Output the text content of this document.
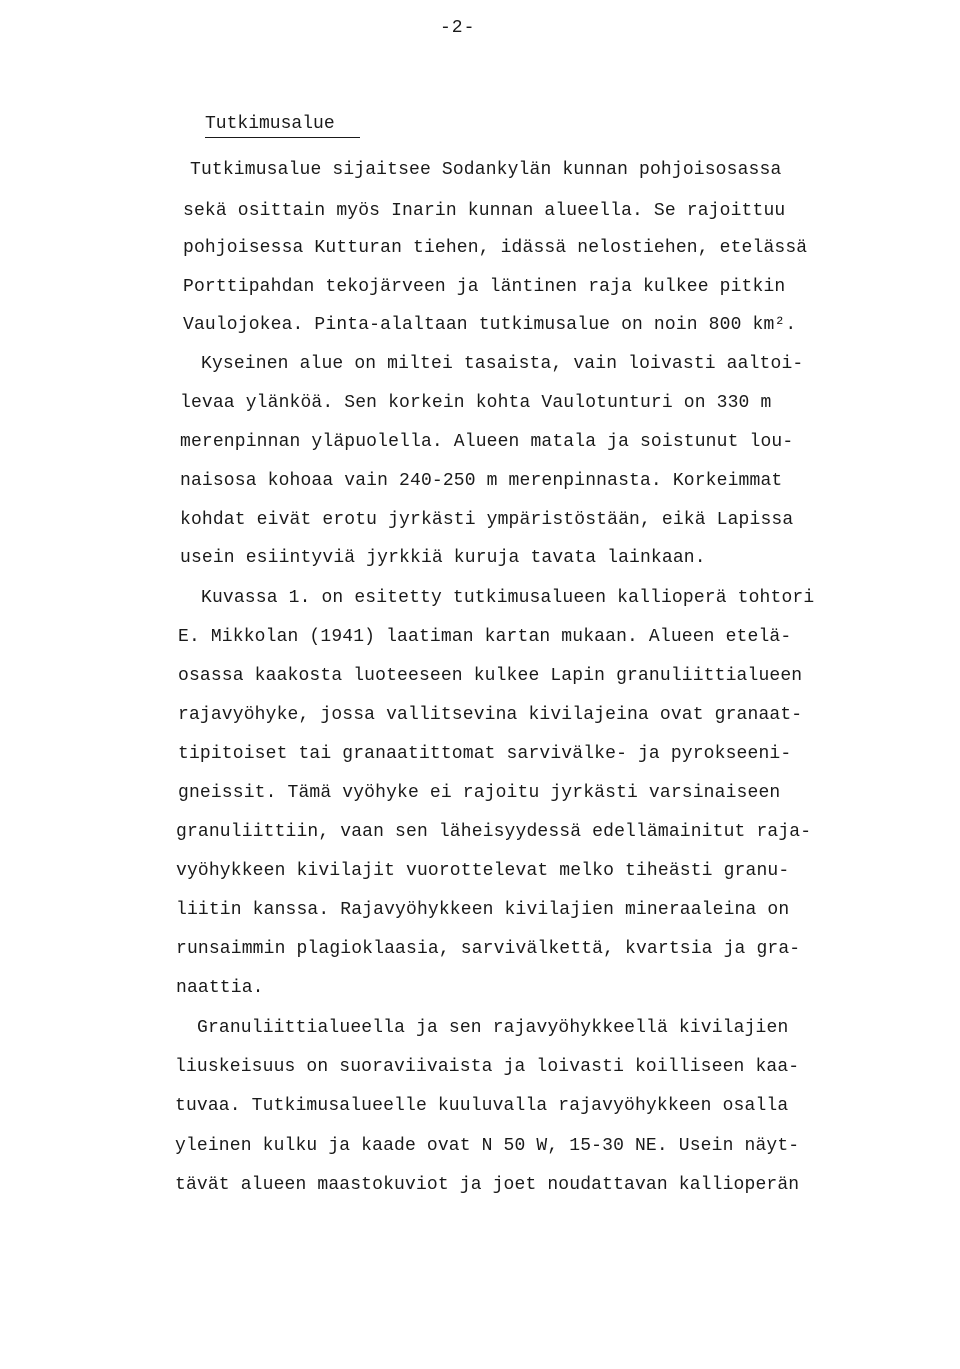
-2-
Tutkimusalue
Tutkimusalue sijaitsee Sodankylän kunnan pohjoisosassa
sekä osittain myös Inarin kunnan alueella. Se rajoittuu
pohjoisessa Kutturan tiehen, idässä nelostiehen, etelässä
Porttipahdan tekojärveen ja läntinen raja kulkee pitkin
Vaulojokea. Pinta-alaltaan tutkimusalue on noin 800 km².
Kyseinen alue on miltei tasaista, vain loivasti aaltoi-
levaa ylänköä. Sen korkein kohta Vaulotunturi on 330 m
merenpinnan yläpuolella. Alueen matala ja soistunut lou-
naisosa kohoaa vain 240-250 m merenpinnasta. Korkeimmat
kohdat eivät erotu jyrkästi ympäristöstään, eikä Lapissa
usein esiintyviä jyrkkiä kuruja tavata lainkaan.
Kuvassa 1. on esitetty tutkimusalueen kallioperä tohtori
E. Mikkolan (1941) laatiman kartan mukaan. Alueen etelä-
osassa kaakosta luoteeseen kulkee Lapin granuliittialueen
rajavyöhyke, jossa vallitsevina kivilajeina ovat granaat-
tipitoiset tai granaatittomat sarvivälke- ja pyrokseeni-
gneissit. Tämä vyöhyke ei rajoitu jyrkästi varsinaiseen
granuliittiin, vaan sen läheisyydessä edellämainitut raja-
vyöhykkeen kivilajit vuorottelevat melko tiheästi granu-
liitin kanssa. Rajavyöhykkeen kivilajien mineraaleina on
runsaimmin plagioklaasia, sarvivälkettä, kvartsia ja gra-
naattia.
Granuliittialueella ja sen rajavyöhykkeellä kivilajien
liuskeisuus on suoraviivaista ja loivasti koilliseen kaa-
tuvaa. Tutkimusalueelle kuuluvalla rajavyöhykkeen osalla
yleinen kulku ja kaade ovat N 50 W, 15-30 NE. Usein näyt-
tävät alueen maastokuviot ja joet noudattavan kallioperän
